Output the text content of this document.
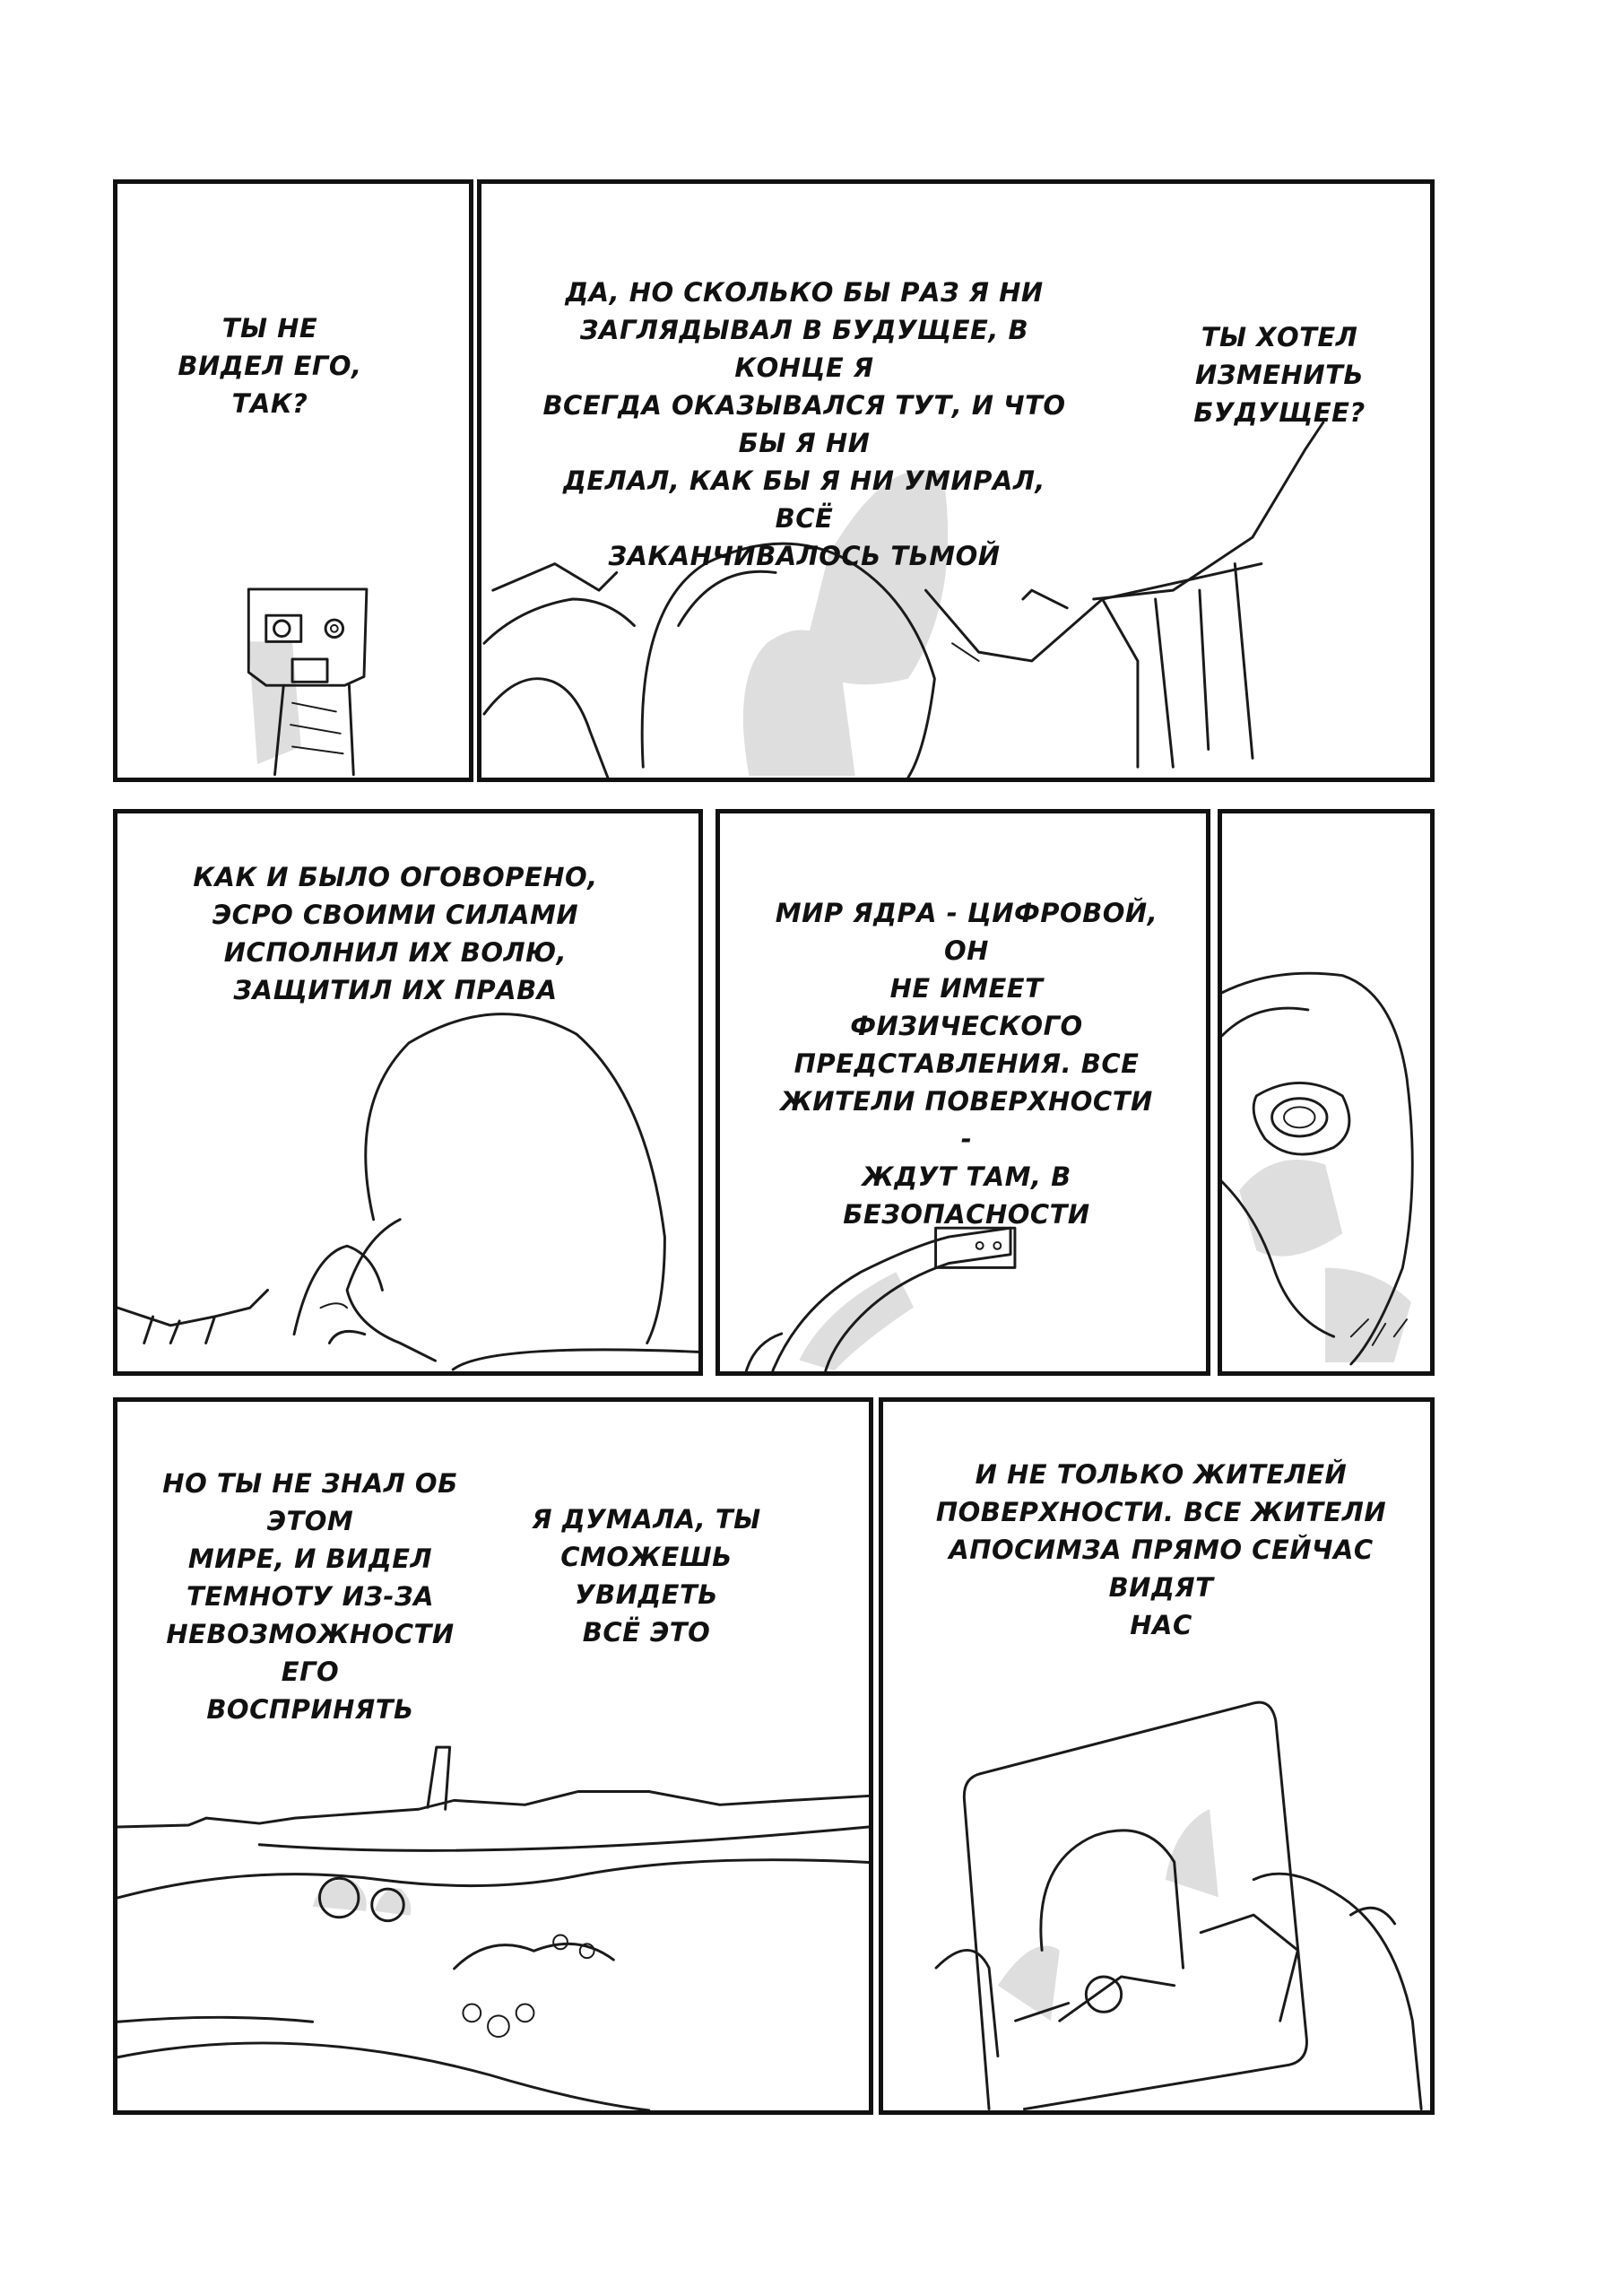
ТЫ НЕ
ВИДЕЛ ЕГО,
ТАК?
ДА, НО СКОЛЬКО БЫ РАЗ Я НИ
ЗАГЛЯДЫВАЛ В БУДУЩЕЕ, В КОНЦЕ Я
ВСЕГДА ОКАЗЫВАЛСЯ ТУТ, И ЧТО БЫ Я НИ
ДЕЛАЛ, КАК БЫ Я НИ УМИРАЛ, ВСЁ
ЗАКАНЧИВАЛОСЬ ТЬМОЙ
ТЫ ХОТЕЛ
ИЗМЕНИТЬ
БУДУЩЕЕ?
КАК И БЫЛО ОГОВОРЕНО,
ЭСРО СВОИМИ СИЛАМИ
ИСПОЛНИЛ ИХ ВОЛЮ,
ЗАЩИТИЛ ИХ ПРАВА
МИР ЯДРА - ЦИФРОВОЙ, ОН
НЕ ИМЕЕТ ФИЗИЧЕСКОГО
ПРЕДСТАВЛЕНИЯ. ВСЕ
ЖИТЕЛИ ПОВЕРХНОСТИ -
ЖДУТ ТАМ, В
БЕЗОПАСНОСТИ
НО ТЫ НЕ ЗНАЛ ОБ ЭТОМ
МИРЕ, И ВИДЕЛ
ТЕМНОТУ ИЗ-ЗА
НЕВОЗМОЖНОСТИ ЕГО
ВОСПРИНЯТЬ
Я ДУМАЛА, ТЫ
СМОЖЕШЬ УВИДЕТЬ
ВСЁ ЭТО
И НЕ ТОЛЬКО ЖИТЕЛЕЙ
ПОВЕРХНОСТИ. ВСЕ ЖИТЕЛИ
АПОСИМЗА ПРЯМО СЕЙЧАС ВИДЯТ
НАС
